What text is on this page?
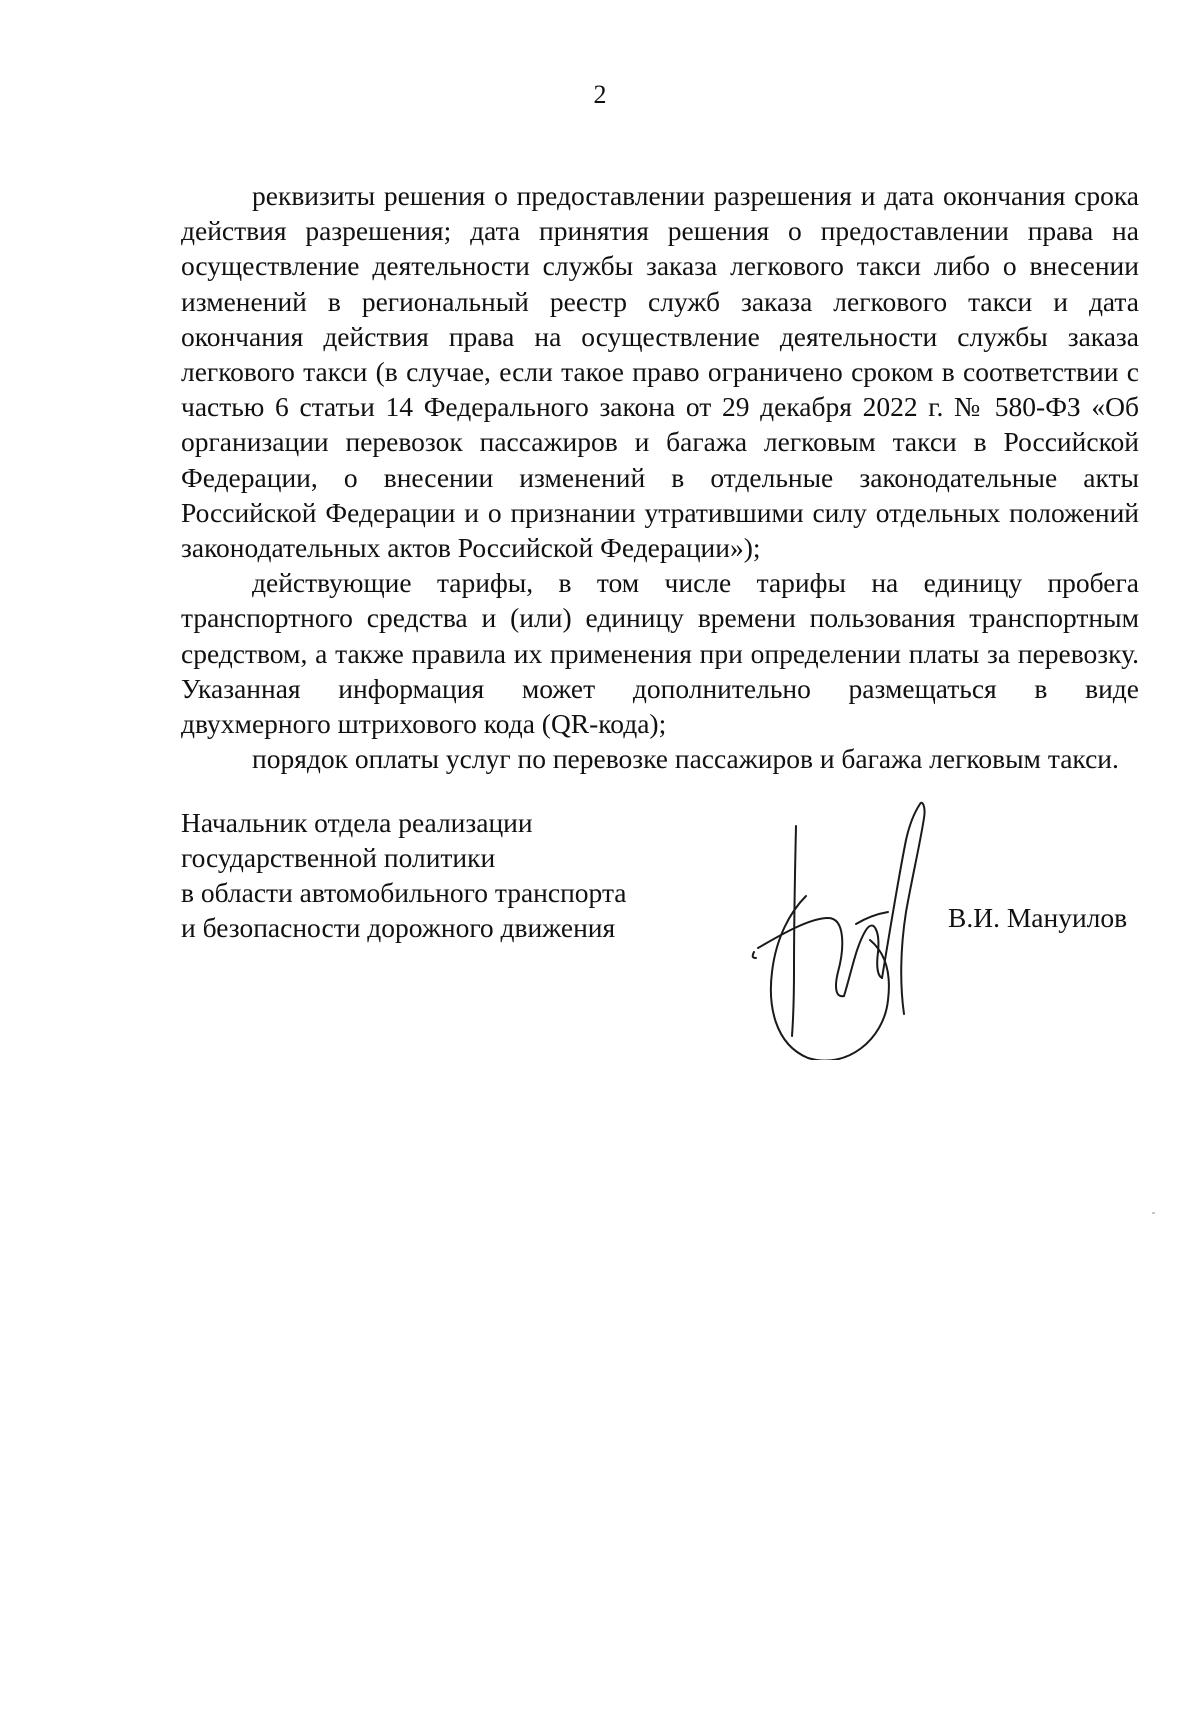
2

реквизиты решения о предоставлении разрешения и дата окончания срока действия разрешения; дата принятия решения о предоставлении права на осуществление деятельности службы заказа легкового такси либо о внесении изменений в региональный реестр служб заказа легкового такси и дата окончания действия права на осуществление деятельности службы заказа легкового такси (в случае, если такое право ограничено сроком в соответствии с частью 6 статьи 14 Федерального закона от 29 декабря 2022 г. № 580-ФЗ «Об организации перевозок пассажиров и багажа легковым такси в Российской Федерации, о внесении изменений в отдельные законодательные акты Российской Федерации и о признании утратившими силу отдельных положений
законодательных актов Российской Федерации»);

действующие тарифы, в том числе тарифы на единицу пробега транспортного средства и (или) единицу времени пользования транспортным средством, а также правила их применения при определении платы за перевозку. Указанная информация может дополнительно размещаться в виде
двухмерного штрихового кода (QR-кода);

порядок оплаты услуг по перевозке пассажиров и багажа легковым такси.

Начальник отдела реализации
государственной политики
в области автомобильного транспорта
и безопасности дорожного движения	В.И. Мануилов
